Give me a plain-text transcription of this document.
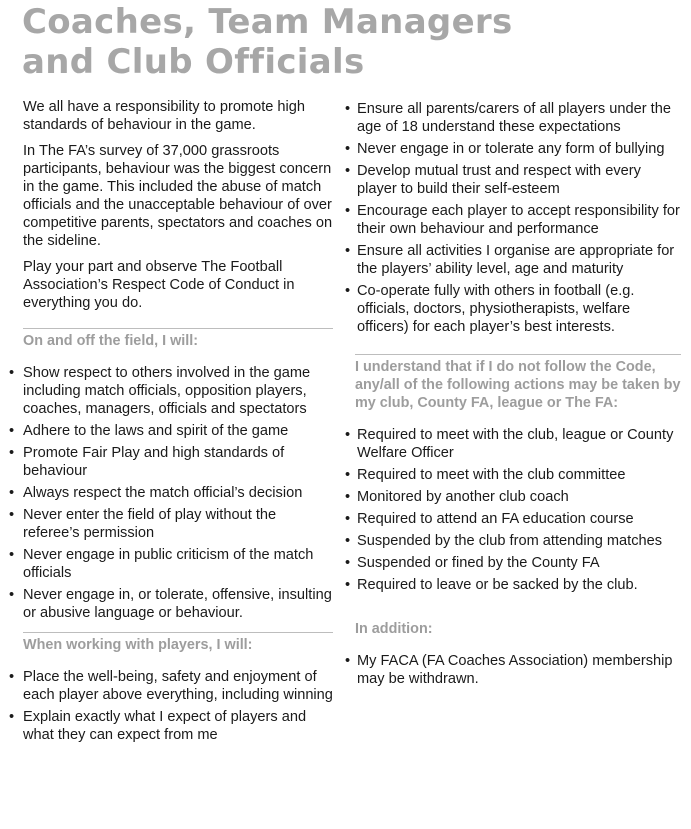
Coaches, Team Managers
and Club Officials

We all have a responsibility to promote high standards of behaviour in the game.

In The FA’s survey of 37,000 grassroots participants, behaviour was the biggest concern in the game. This included the abuse of match officials and the unacceptable behaviour of over competitive parents, spectators and coaches on the sideline.

Play your part and observe The Football Association’s Respect Code of Conduct in everything you do.

On and off the field, I will:
• Show respect to others involved in the game including match officials, opposition players, coaches, managers, officials and spectators
• Adhere to the laws and spirit of the game
• Promote Fair Play and high standards of behaviour
• Always respect the match official’s decision
• Never enter the field of play without the referee’s permission
• Never engage in public criticism of the match officials
• Never engage in, or tolerate, offensive, insulting or abusive language or behaviour.
When working with players, I will:
• Place the well-being, safety and enjoyment of each player above everything, including winning
• Explain exactly what I expect of players and what they can expect from me
• Ensure all parents/carers of all players under the age of 18 understand these expectations
• Never engage in or tolerate any form of bullying
• Develop mutual trust and respect with every player to build their self-esteem
• Encourage each player to accept responsibility for their own behaviour and performance
• Ensure all activities I organise are appropriate for the players’ ability level, age and maturity
• Co-operate fully with others in football (e.g. officials, doctors, physiotherapists, welfare officers) for each player’s best interests.
I understand that if I do not follow the Code, any/all of the following actions may be taken by my club, County FA, league or The FA:
• Required to meet with the club, league or County Welfare Officer
• Required to meet with the club committee
• Monitored by another club coach
• Required to attend an FA education course
• Suspended by the club from attending matches
• Suspended or fined by the County FA
• Required to leave or be sacked by the club.
In addition:
• My FACA (FA Coaches Association) membership may be withdrawn.
